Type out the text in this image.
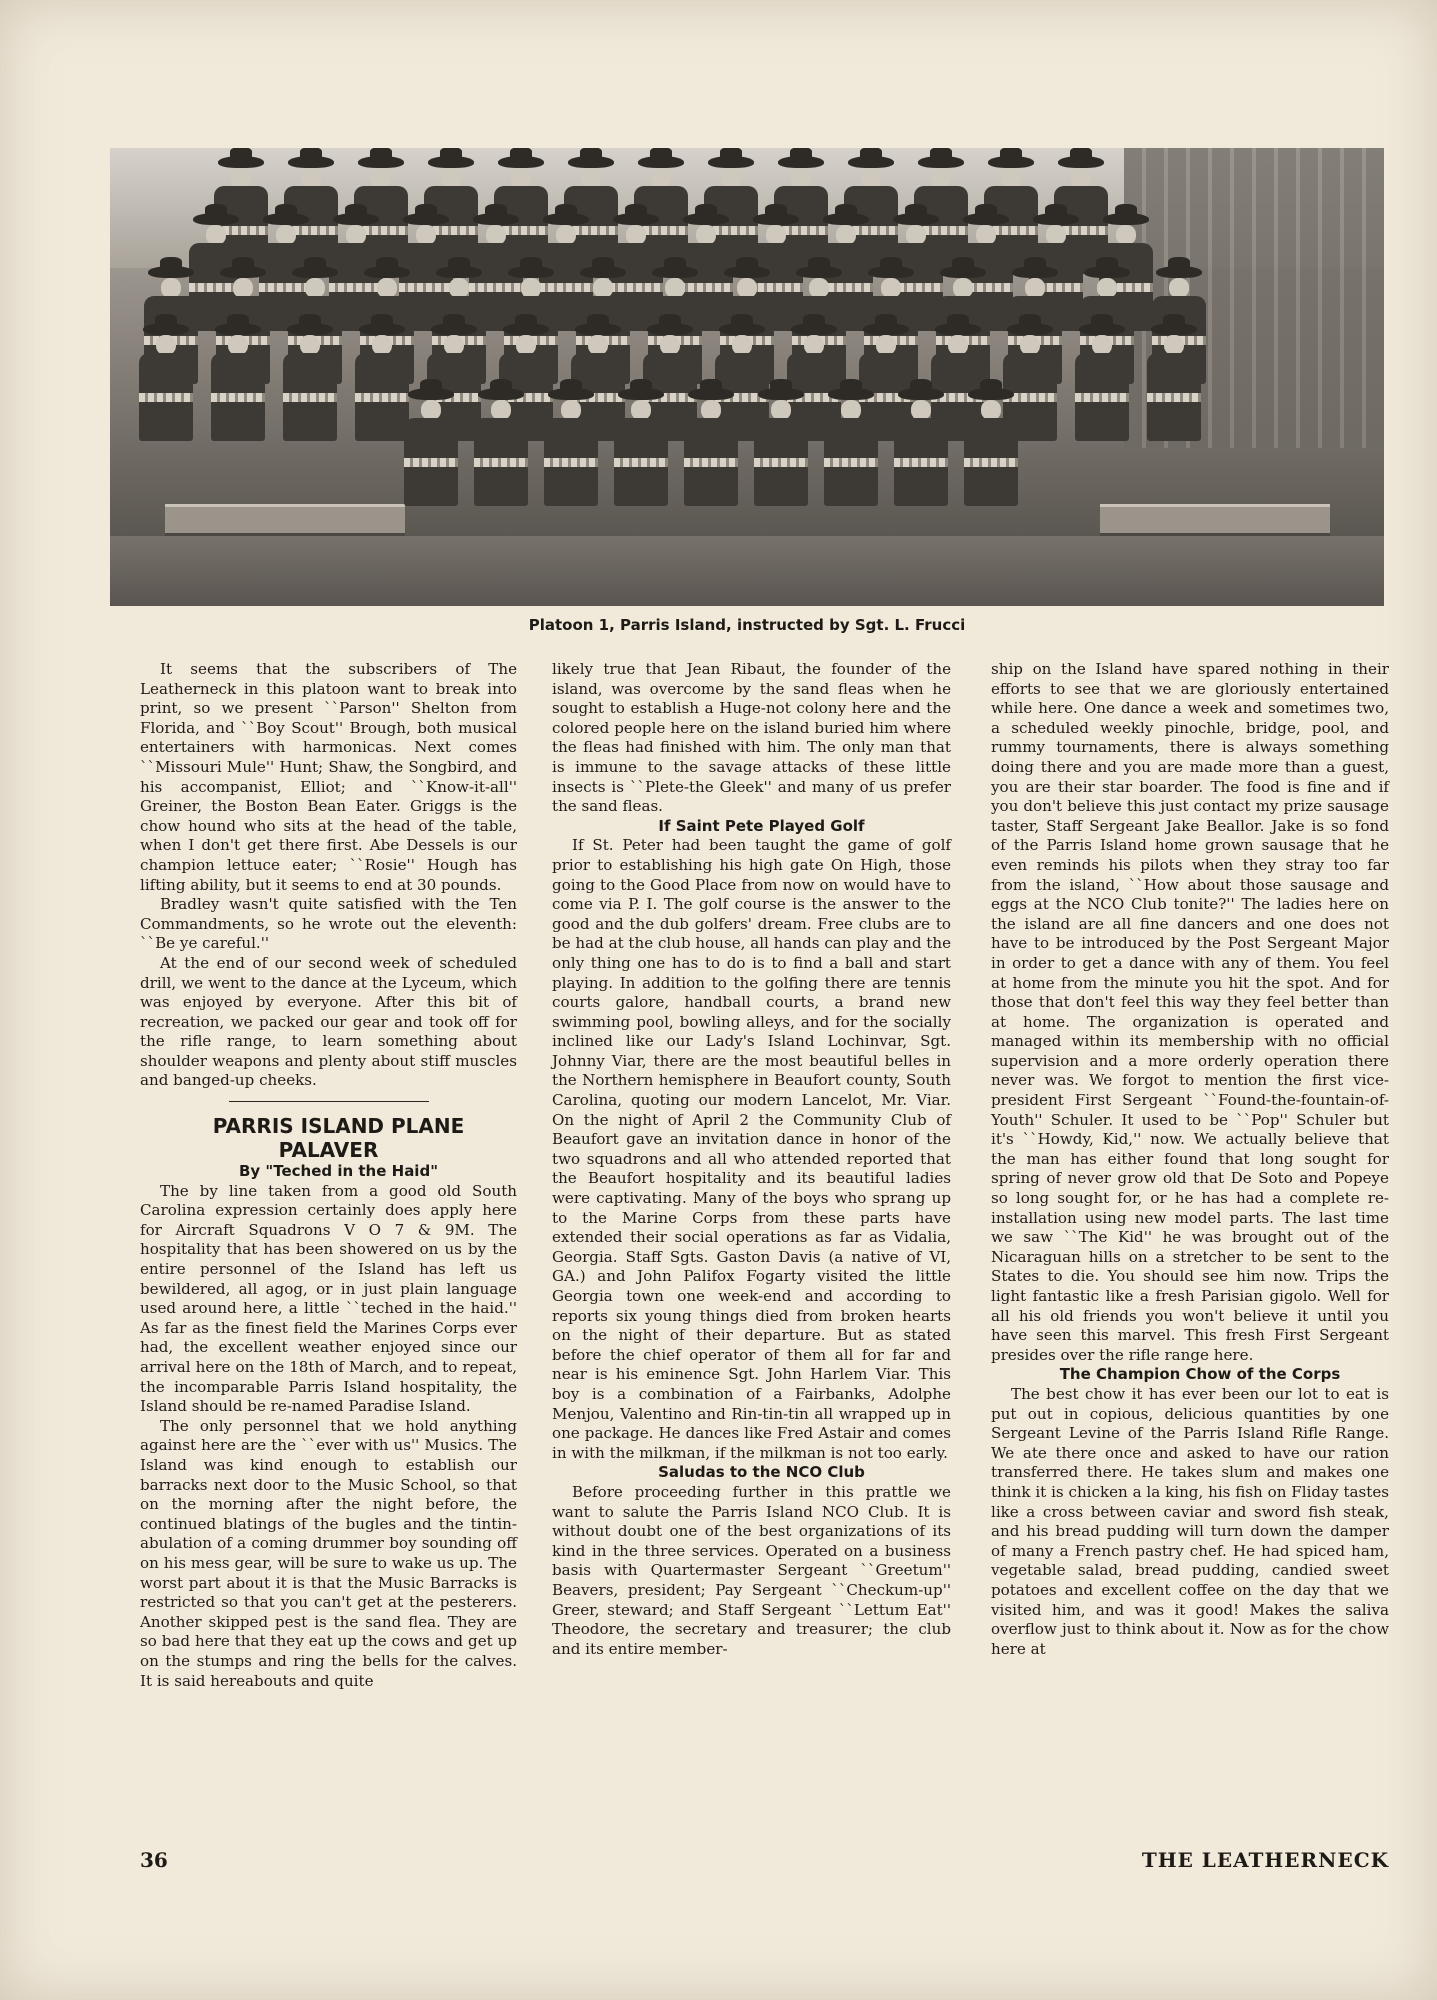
Platoon 1, Parris Island, instructed by Sgt. L. Frucci

It seems that the subscribers of The Leatherneck in this platoon want to break into print, so we present ``Parson'' Shelton from Florida, and ``Boy Scout'' Brough, both musical entertainers with harmonicas. Next comes ``Missouri Mule'' Hunt; Shaw, the Songbird, and his accompanist, Elliot; and ``Know-it-all'' Greiner, the Boston Bean Eater. Griggs is the chow hound who sits at the head of the table, when I don't get there first. Abe Dessels is our champion lettuce eater; ``Rosie'' Hough has lifting ability, but it seems to end at 30 pounds.

Bradley wasn't quite satisfied with the Ten Commandments, so he wrote out the eleventh: ``Be ye careful.''

At the end of our second week of scheduled drill, we went to the dance at the Lyceum, which was enjoyed by everyone. After this bit of recreation, we packed our gear and took off for the rifle range, to learn something about shoulder weapons and plenty about stiff muscles and banged-up cheeks.

PARRIS ISLAND PLANE PALAVER

By "Teched in the Haid"

The by line taken from a good old South Carolina expression certainly does apply here for Aircraft Squadrons V O 7 & 9M. The hospitality that has been showered on us by the entire personnel of the Island has left us bewildered, all agog, or in just plain language used around here, a little ``teched in the haid.'' As far as the finest field the Marines Corps ever had, the excellent weather enjoyed since our arrival here on the 18th of March, and to repeat, the incomparable Parris Island hospitality, the Island should be re-named Paradise Island.

The only personnel that we hold anything against here are the ``ever with us'' Musics. The Island was kind enough to establish our barracks next door to the Music School, so that on the morning after the night before, the continued blatings of the bugles and the tintin-abulation of a coming drummer boy sounding off on his mess gear, will be sure to wake us up. The worst part about it is that the Music Barracks is restricted so that you can't get at the pesterers. Another skipped pest is the sand flea. They are so bad here that they eat up the cows and get up on the stumps and ring the bells for the calves. It is said hereabouts and quite

likely true that Jean Ribaut, the founder of the island, was overcome by the sand fleas when he sought to establish a Huge-not colony here and the colored people here on the island buried him where the fleas had finished with him. The only man that is immune to the savage attacks of these little insects is ``Plete-the Gleek'' and many of us prefer the sand fleas.

If Saint Pete Played Golf

If St. Peter had been taught the game of golf prior to establishing his high gate On High, those going to the Good Place from now on would have to come via P. I. The golf course is the answer to the good and the dub golfers' dream. Free clubs are to be had at the club house, all hands can play and the only thing one has to do is to find a ball and start playing. In addition to the golfing there are tennis courts galore, handball courts, a brand new swimming pool, bowling alleys, and for the socially inclined like our Lady's Island Lochinvar, Sgt. Johnny Viar, there are the most beautiful belles in the Northern hemisphere in Beaufort county, South Carolina, quoting our modern Lancelot, Mr. Viar. On the night of April 2 the Community Club of Beaufort gave an invitation dance in honor of the two squadrons and all who attended reported that the Beaufort hospitality and its beautiful ladies were captivating. Many of the boys who sprang up to the Marine Corps from these parts have extended their social operations as far as Vidalia, Georgia. Staff Sgts. Gaston Davis (a native of VI, GA.) and John Palifox Fogarty visited the little Georgia town one week-end and according to reports six young things died from broken hearts on the night of their departure. But as stated before the chief operator of them all for far and near is his eminence Sgt. John Harlem Viar. This boy is a combination of a Fairbanks, Adolphe Menjou, Valentino and Rin-tin-tin all wrapped up in one package. He dances like Fred Astair and comes in with the milkman, if the milkman is not too early.

Saludas to the NCO Club

Before proceeding further in this prattle we want to salute the Parris Island NCO Club. It is without doubt one of the best organizations of its kind in the three services. Operated on a business basis with Quartermaster Sergeant ``Greetum'' Beavers, president; Pay Sergeant ``Checkum-up'' Greer, steward; and Staff Sergeant ``Lettum Eat'' Theodore, the secretary and treasurer; the club and its entire member-

ship on the Island have spared nothing in their efforts to see that we are gloriously entertained while here. One dance a week and sometimes two, a scheduled weekly pinochle, bridge, pool, and rummy tournaments, there is always something doing there and you are made more than a guest, you are their star boarder. The food is fine and if you don't believe this just contact my prize sausage taster, Staff Sergeant Jake Beallor. Jake is so fond of the Parris Island home grown sausage that he even reminds his pilots when they stray too far from the island, ``How about those sausage and eggs at the NCO Club tonite?'' The ladies here on the island are all fine dancers and one does not have to be introduced by the Post Sergeant Major in order to get a dance with any of them. You feel at home from the minute you hit the spot. And for those that don't feel this way they feel better than at home. The organization is operated and managed within its membership with no official supervision and a more orderly operation there never was. We forgot to mention the first vice-president First Sergeant ``Found-the-fountain-of-Youth'' Schuler. It used to be ``Pop'' Schuler but it's ``Howdy, Kid,'' now. We actually believe that the man has either found that long sought for spring of never grow old that De Soto and Popeye so long sought for, or he has had a complete re-installation using new model parts. The last time we saw ``The Kid'' he was brought out of the Nicaraguan hills on a stretcher to be sent to the States to die. You should see him now. Trips the light fantastic like a fresh Parisian gigolo. Well for all his old friends you won't believe it until you have seen this marvel. This fresh First Sergeant presides over the rifle range here.

The Champion Chow of the Corps

The best chow it has ever been our lot to eat is put out in copious, delicious quantities by one Sergeant Levine of the Parris Island Rifle Range. We ate there once and asked to have our ration transferred there. He takes slum and makes one think it is chicken a la king, his fish on Fliday tastes like a cross between caviar and sword fish steak, and his bread pudding will turn down the damper of many a French pastry chef. He had spiced ham, vegetable salad, bread pudding, candied sweet potatoes and excellent coffee on the day that we visited him, and was it good! Makes the saliva overflow just to think about it. Now as for the chow here at

36	THE LEATHERNECK
